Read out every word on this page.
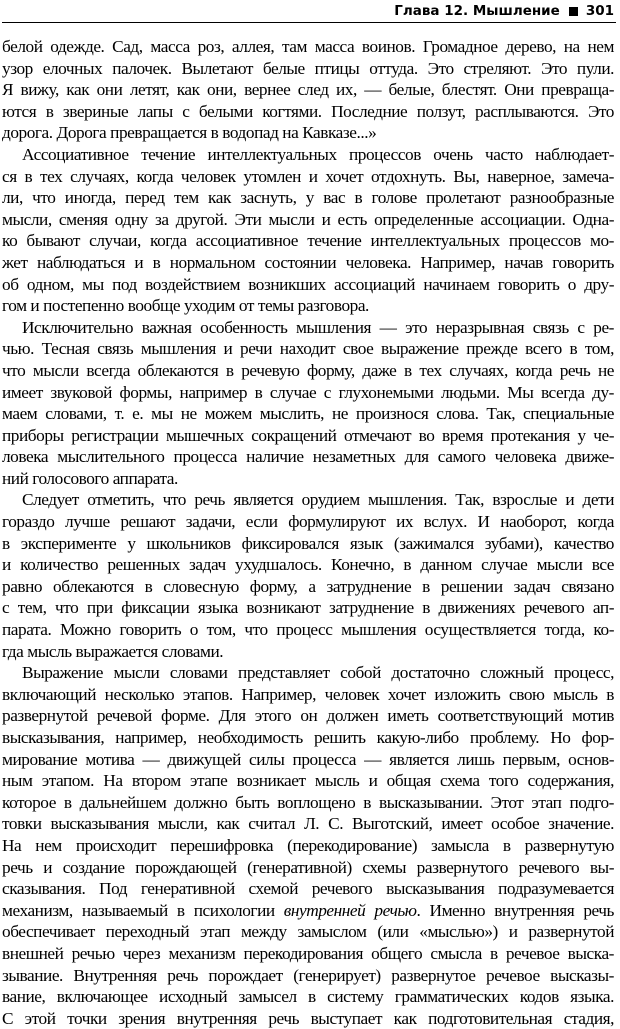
Глава 12. Мышление 301
белой одежде. Сад, масса роз, аллея, там масса воинов. Громадное дерево, на нем
узор елочных палочек. Вылетают белые птицы оттуда. Это стреляют. Это пули.
Я вижу, как они летят, как они, вернее след их, — белые, блестят. Они превраща-
ются в звериные лапы с белыми когтями. Последние ползут, расплываются. Это
дорога. Дорога превращается в водопад на Кавказе...»
Ассоциативное течение интеллектуальных процессов очень часто наблюдает-
ся в тех случаях, когда человек утомлен и хочет отдохнуть. Вы, наверное, замеча-
ли, что иногда, перед тем как заснуть, у вас в голове пролетают разнообразные
мысли, сменяя одну за другой. Эти мысли и есть определенные ассоциации. Одна-
ко бывают случаи, когда ассоциативное течение интеллектуальных процессов мо-
жет наблюдаться и в нормальном состоянии человека. Например, начав говорить
об одном, мы под воздействием возникших ассоциаций начинаем говорить о дру-
гом и постепенно вообще уходим от темы разговора.
Исключительно важная особенность мышления — это неразрывная связь с ре-
чью. Тесная связь мышления и речи находит свое выражение прежде всего в том,
что мысли всегда облекаются в речевую форму, даже в тех случаях, когда речь не
имеет звуковой формы, например в случае с глухонемыми людьми. Мы всегда ду-
маем словами, т. е. мы не можем мыслить, не произнося слова. Так, специальные
приборы регистрации мышечных сокращений отмечают во время протекания у че-
ловека мыслительного процесса наличие незаметных для самого человека движе-
ний голосового аппарата.
Следует отметить, что речь является орудием мышления. Так, взрослые и дети
гораздо лучше решают задачи, если формулируют их вслух. И наоборот, когда
в эксперименте у школьников фиксировался язык (зажимался зубами), качество
и количество решенных задач ухудшалось. Конечно, в данном случае мысли все
равно облекаются в словесную форму, а затруднение в решении задач связано
с тем, что при фиксации языка возникают затруднение в движениях речевого ап-
парата. Можно говорить о том, что процесс мышления осуществляется тогда, ко-
гда мысль выражается словами.
Выражение мысли словами представляет собой достаточно сложный процесс,
включающий несколько этапов. Например, человек хочет изложить свою мысль в
развернутой речевой форме. Для этого он должен иметь соответствующий мотив
высказывания, например, необходимость решить какую-либо проблему. Но фор-
мирование мотива — движущей силы процесса — является лишь первым, основ-
ным этапом. На втором этапе возникает мысль и общая схема того содержания,
которое в дальнейшем должно быть воплощено в высказывании. Этот этап подго-
товки высказывания мысли, как считал Л. С. Выготский, имеет особое значение.
На нем происходит перешифровка (перекодирование) замысла в развернутую
речь и создание порождающей (генеративной) схемы развернутого речевого вы-
сказывания. Под генеративной схемой речевого высказывания подразумевается
механизм, называемый в психологии внутренней речью. Именно внутренняя речь
обеспечивает переходный этап между замыслом (или «мыслью») и развернутой
внешней речью через механизм перекодирования общего смысла в речевое выска-
зывание. Внутренняя речь порождает (генерирует) развернутое речевое высказы-
вание, включающее исходный замысел в систему грамматических кодов языка.
С этой точки зрения внутренняя речь выступает как подготовительная стадия,
